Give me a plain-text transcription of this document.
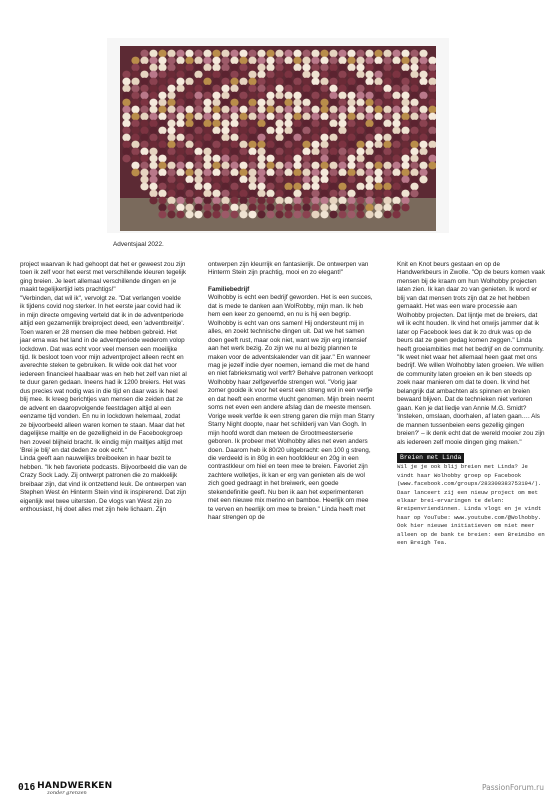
Adventsjaal 2022.

project waarvan ik had gehoopt dat het er geweest zou zijn toen ik zelf voor het eerst met verschillende kleuren tegelijk ging breien. Je leert allemaal verschillende dingen en je maakt tegelijkertijd iets prachtigs!"

"Verbinden, dat wil ik", vervolgt ze. "Dat verlangen voelde ik tijdens covid nog sterker. In het eerste jaar covid had ik in mijn directe omgeving verteld dat ik in de adventperiode altijd een gezamenlijk breiproject deed, een 'adventbreitje'. Toen waren er 28 mensen die mee hebben gebreid. Het jaar erna was het land in de adventperiode wederom volop lockdown. Dat was echt voor veel mensen een moeilijke tijd. Ik besloot toen voor mijn adventproject alleen recht en averechte steken te gebruiken. Ik wilde ook dat het voor iedereen financieel haalbaar was en heb het zelf van niet al te duur garen gedaan. Ineens had ik 1200 breiers. Het was dus precies wat nodig was in die tijd en daar was ik heel blij mee. Ik kreeg berichtjes van mensen die zeiden dat ze de advent en daaropvolgende feestdagen altijd al een eenzame tijd vonden. En nu in lockdown helemaal, zodat ze bijvoorbeeld alleen waren komen te staan. Maar dat het dagelijkse mailtje en de gezelligheid in de Facebookgroep hen zoveel blijheid bracht. Ik eindig mijn mailtjes altijd met 'Brei je blij' en dat deden ze ook echt."

Linda geeft aan nauwelijks breiboeken in haar bezit te hebben. "Ik heb favoriete podcasts. Bijvoorbeeld die van de Crazy Sock Lady. Zij ontwerpt patronen die zo makkelijk breibaar zijn, dat vind ik ontzettend leuk. De ontwerpen van Stephen West én Hinterm Stein vind ik inspirerend. Dat zijn eigenlijk wel twee uitersten. De vlogs van West zijn zo enthousiast, hij doet alles met zijn hele lichaam. Zijn

ontwerpen zijn kleurrijk en fantasierijk. De ontwerpen van Hinterm Stein zijn prachtig, mooi en zo elegant!"

Familiebedrijf

Wolhobby is echt een bedrijf geworden. Het is een succes, dat is mede te danken aan WolRobby, mijn man. Ik heb hem een keer zo genoemd, en nu is hij een begrip. Wolhobby is echt van ons samen! Hij ondersteunt mij in alles, en zoekt technische dingen uit. Dat we het samen doen geeft rust, maar ook niet, want we zijn erg intensief aan het werk bezig. Zo zijn we nu al bezig plannen te maken voor de adventskalender van dit jaar." En wanneer mag je jezelf indie dyer noemen, iemand die met de hand en niet fabrieksmatig wol verft? Behalve patronen verkoopt Wolhobby haar zelfgeverfde strengen wol. "Vorig jaar zomer gooide ik voor het eerst een streng wol in een verfje en dat heeft een enorme vlucht genomen. Mijn brein neemt soms net even een andere afslag dan de meeste mensen. Vorige week verfde ik een streng garen die mijn man Starry Starry Night doopte, naar het schilderij van Van Gogh. In mijn hoofd wordt dan meteen de Grootmeesterserie geboren. Ik probeer met Wolhobby alles net even anders doen. Daarom heb ik 80/20 uitgebracht: een 100 g streng, die verdeeld is in 80g in een hoofdkleur en 20g in een contrastkleur om hiel en teen mee te breien. Favoriet zijn zachtere wolletjes, ik kan er erg van genieten als de wol zich goed gedraagt in het breiwerk, een goede stekendefinitie geeft. Nu ben ik aan het experimenteren met een nieuwe mix merino en bamboe. Heerlijk om mee te verven en heerlijk om mee te breien." Linda heeft met haar strengen op de

Knit en Knot beurs gestaan en op de Handwerkbeurs in Zwolle. "Op de beurs komen vaak mensen bij de kraam om hun Wolhobby projecten laten zien. Ik kan daar zo van genieten. Ik word er blij van dat mensen trots zijn dat ze het hebben gemaakt. Het was een ware processie aan Wolhobby projecten. Dat lijntje met de breiers, dat wil ik echt houden. Ik vind het onwijs jammer dat ik later op Facebook lees dat ik zo druk was op de beurs dat ze geen gedag komen zeggen." Linda heeft groeiambities met het bedrijf en de community. "Ik weet niet waar het allemaal heen gaat met ons bedrijf. We willen Wolhobby laten groeien. We willen de community laten groeien en ik ben steeds op zoek naar manieren om dat te doen. Ik vind het belangrijk dat ambachten als spinnen en breien bewaard blijven. Dat de technieken niet verloren gaan. Ken je dat liedje van Annie M.G. Smidt? 'Insteken, omslaan, doorhalen, af laten gaan…. Als de mannen tussenbeien eens gezellig gingen breien?' – ik denk echt dat de wereld mooier zou zijn als iedereen zelf mooie dingen ging maken."

Breien met Linda

Wil je je ook blij breien met Linda? Je vindt haar Wolhobby groep op Facebook (www.facebook.com/groups/283300383753194/). Daar lanceert zij een nieuw project om met elkaar brei-ervaringen te delen: Breipenvriendinnen. Linda vlogt en je vindt haar op YouTube: www.youtube.com/@Wolhobby. Ook hier nieuwe initiatieven om niet meer alleen op de bank te breien: een Breimibo en een Breigh Tea.

016 HANDWERKEN
zonder grenzen
PassionForum.ru
